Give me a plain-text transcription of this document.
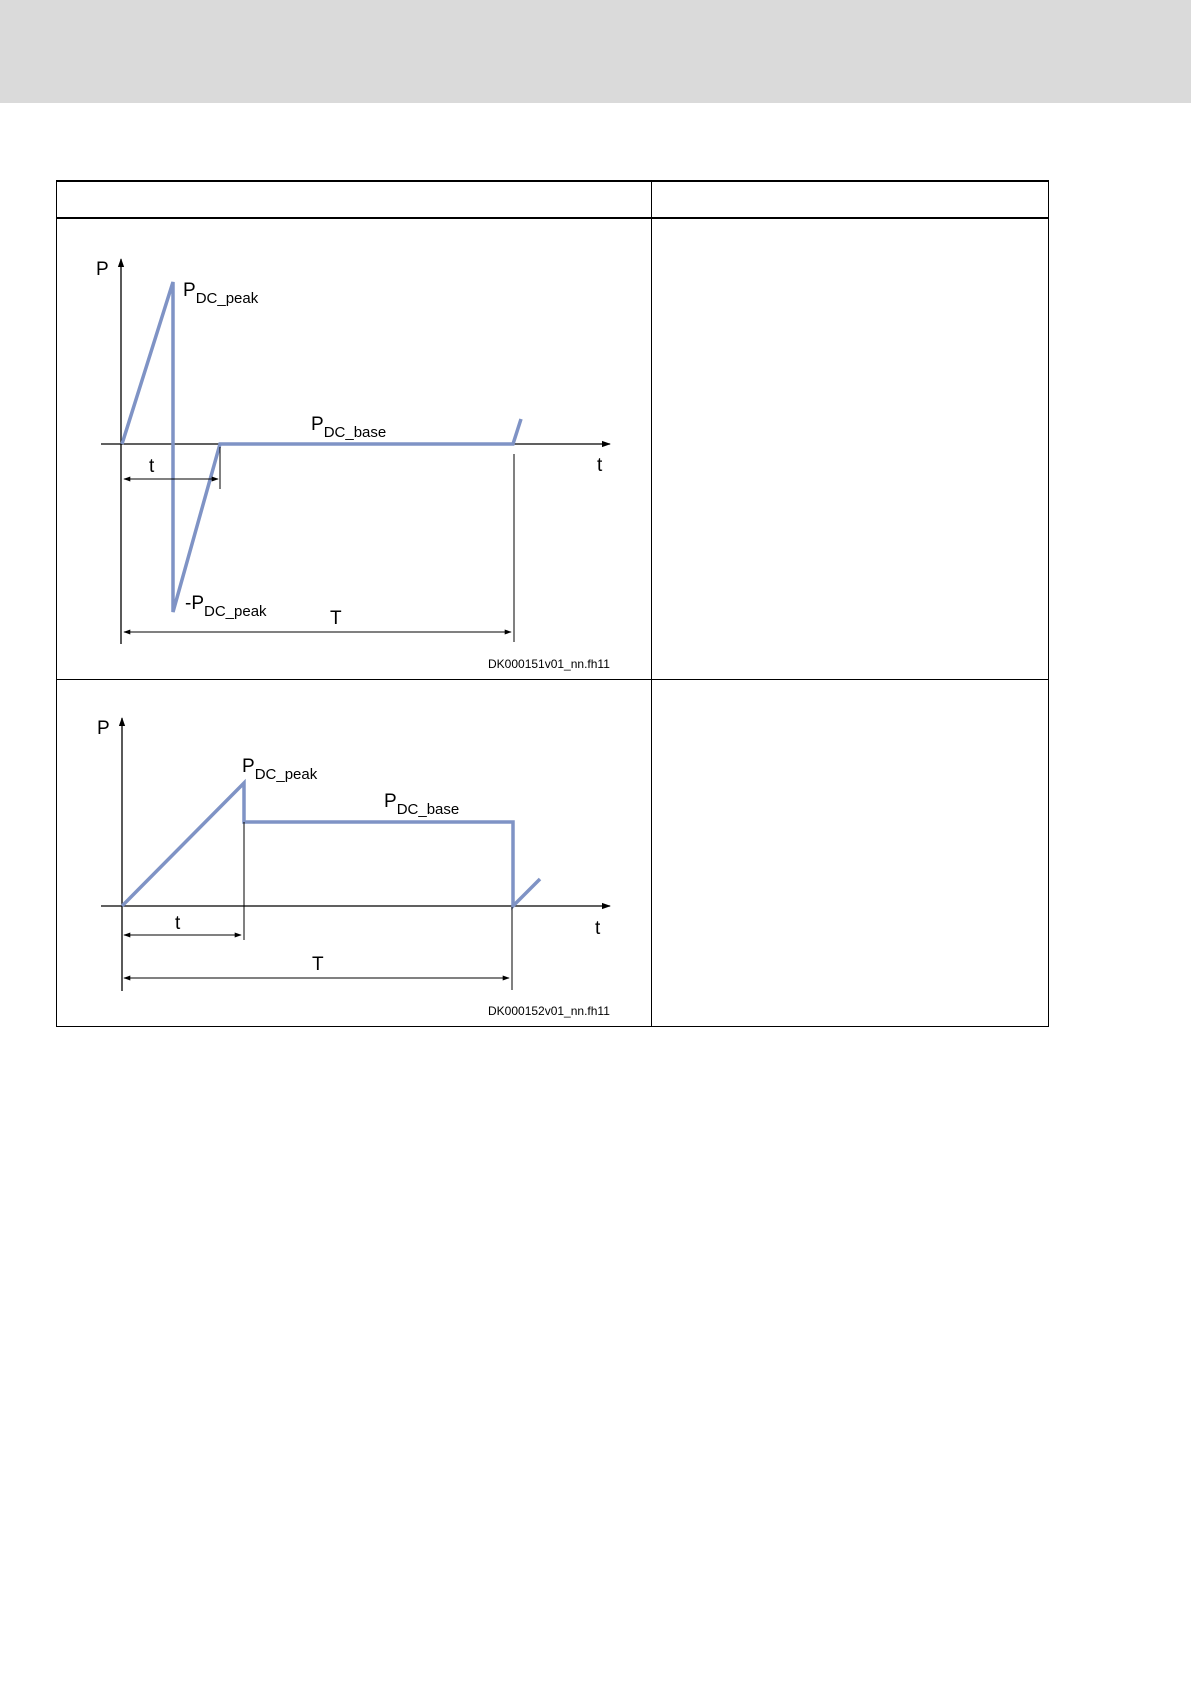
P
t
$P_{DC\_peak}$
$P_{DC\_base}$
$-P_{DC\_peak}$
t
T
DK000151v01_nn.fh11
P
t
$P_{DC\_peak}$
$P_{DC\_base}$
t
T
DK000152v01_nn.fh11
